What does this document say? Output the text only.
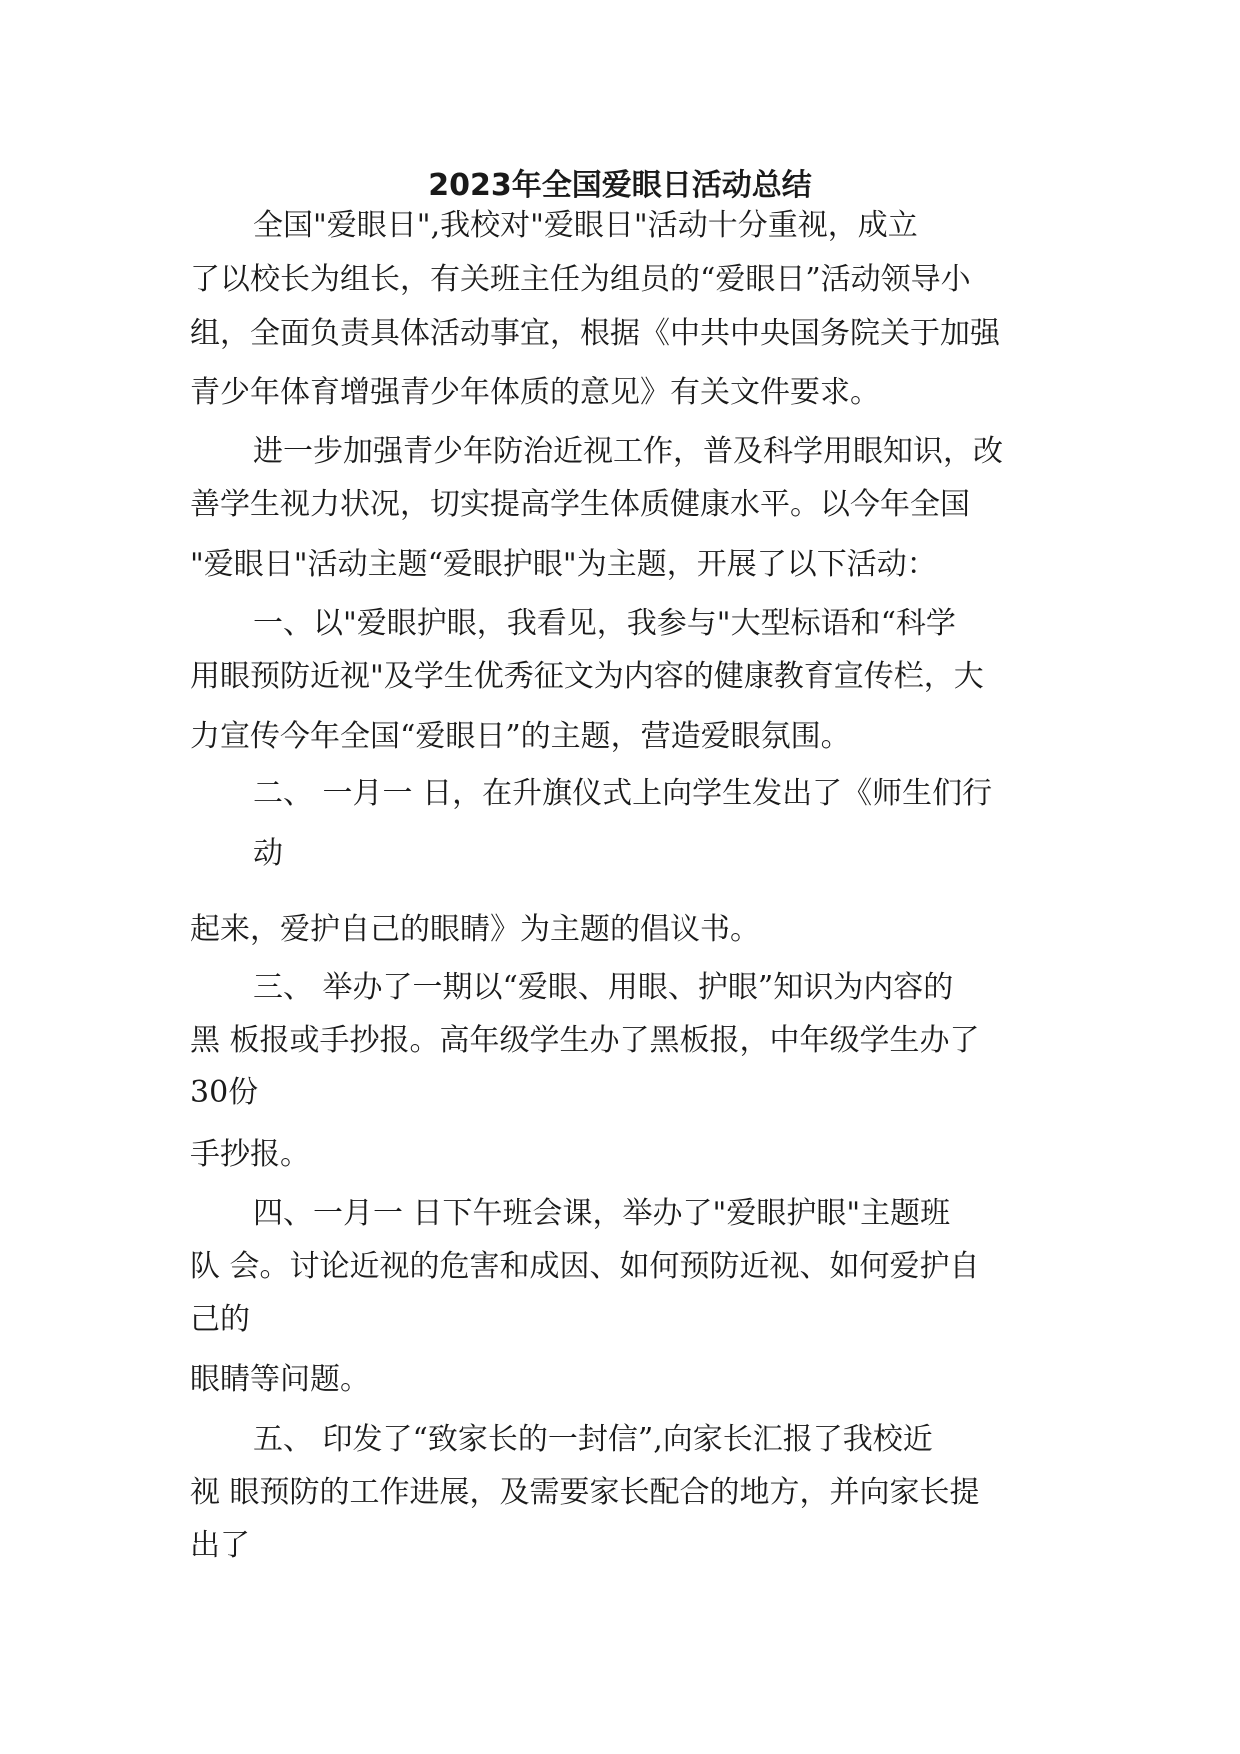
2023年全国爱眼日活动总结
全国"爱眼日",我校对"爱眼日"活动十分重视，成立
了以校长为组长，有关班主任为组员的“爱眼日”活动领导小
组，全面负责具体活动事宜，根据《中共中央国务院关于加强
青少年体育增强青少年体质的意见》有关文件要求。
进一步加强青少年防治近视工作，普及科学用眼知识，改
善学生视力状况，切实提高学生体质健康水平。以今年全国
"爱眼日"活动主题“爱眼护眼"为主题，开展了以下活动：
一、以"爱眼护眼，我看见，我参与"大型标语和“科学
用眼预防近视"及学生优秀征文为内容的健康教育宣传栏，大
力宣传今年全国“爱眼日”的主题，营造爱眼氛围。
二、 一月一 日，在升旗仪式上向学生发出了《师生们行
动
起来，爱护自己的眼睛》为主题的倡议书。
三、 举办了一期以“爱眼、用眼、护眼”知识为内容的
黑 板报或手抄报。高年级学生办了黑板报，中年级学生办了
30份
手抄报。
四、一月一 日下午班会课，举办了"爱眼护眼"主题班
队 会。讨论近视的危害和成因、如何预防近视、如何爱护自
己的
眼睛等问题。
五、 印发了“致家长的一封信”,向家长汇报了我校近
视 眼预防的工作进展，及需要家长配合的地方，并向家长提
出了
